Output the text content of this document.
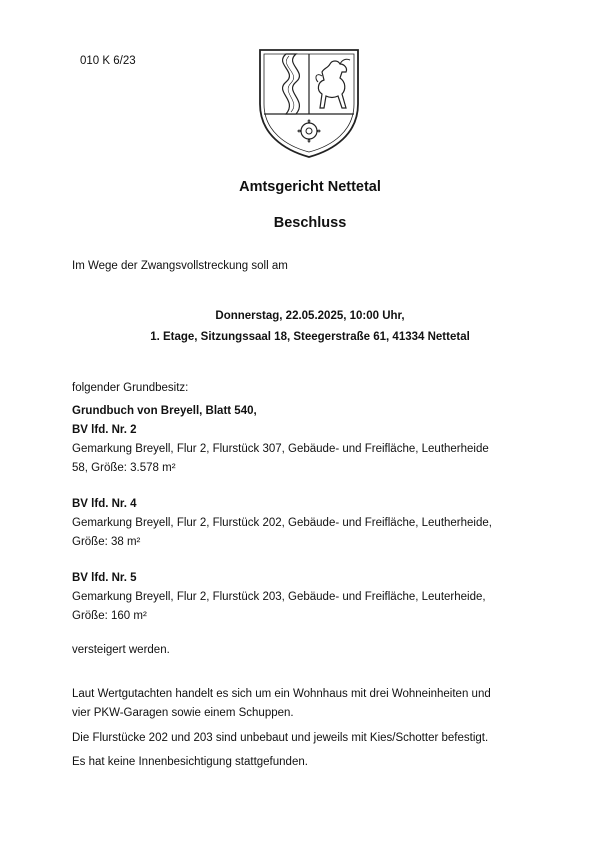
010 K 6/23
Amtsgericht Nettetal
Beschluss
Im Wege der Zwangsvollstreckung soll am
Donnerstag, 22.05.2025, 10:00 Uhr,
1. Etage, Sitzungssaal 18, Steegerstraße 61, 41334 Nettetal
folgender Grundbesitz:
Grundbuch von Breyell, Blatt 540,
BV lfd. Nr. 2
Gemarkung Breyell, Flur 2, Flurstück 307, Gebäude- und Freifläche, Leutherheide
58, Größe: 3.578 m²
BV lfd. Nr. 4
Gemarkung Breyell, Flur 2, Flurstück 202, Gebäude- und Freifläche, Leutherheide,
Größe: 38 m²
BV lfd. Nr. 5
Gemarkung Breyell, Flur 2, Flurstück 203, Gebäude- und Freifläche, Leuterheide,
Größe: 160 m²
versteigert werden.
Laut Wertgutachten handelt es sich um ein Wohnhaus mit drei Wohneinheiten und
vier PKW-Garagen sowie einem Schuppen.
Die Flurstücke 202 und 203 sind unbebaut und jeweils mit Kies/Schotter befestigt.
Es hat keine Innenbesichtigung stattgefunden.
